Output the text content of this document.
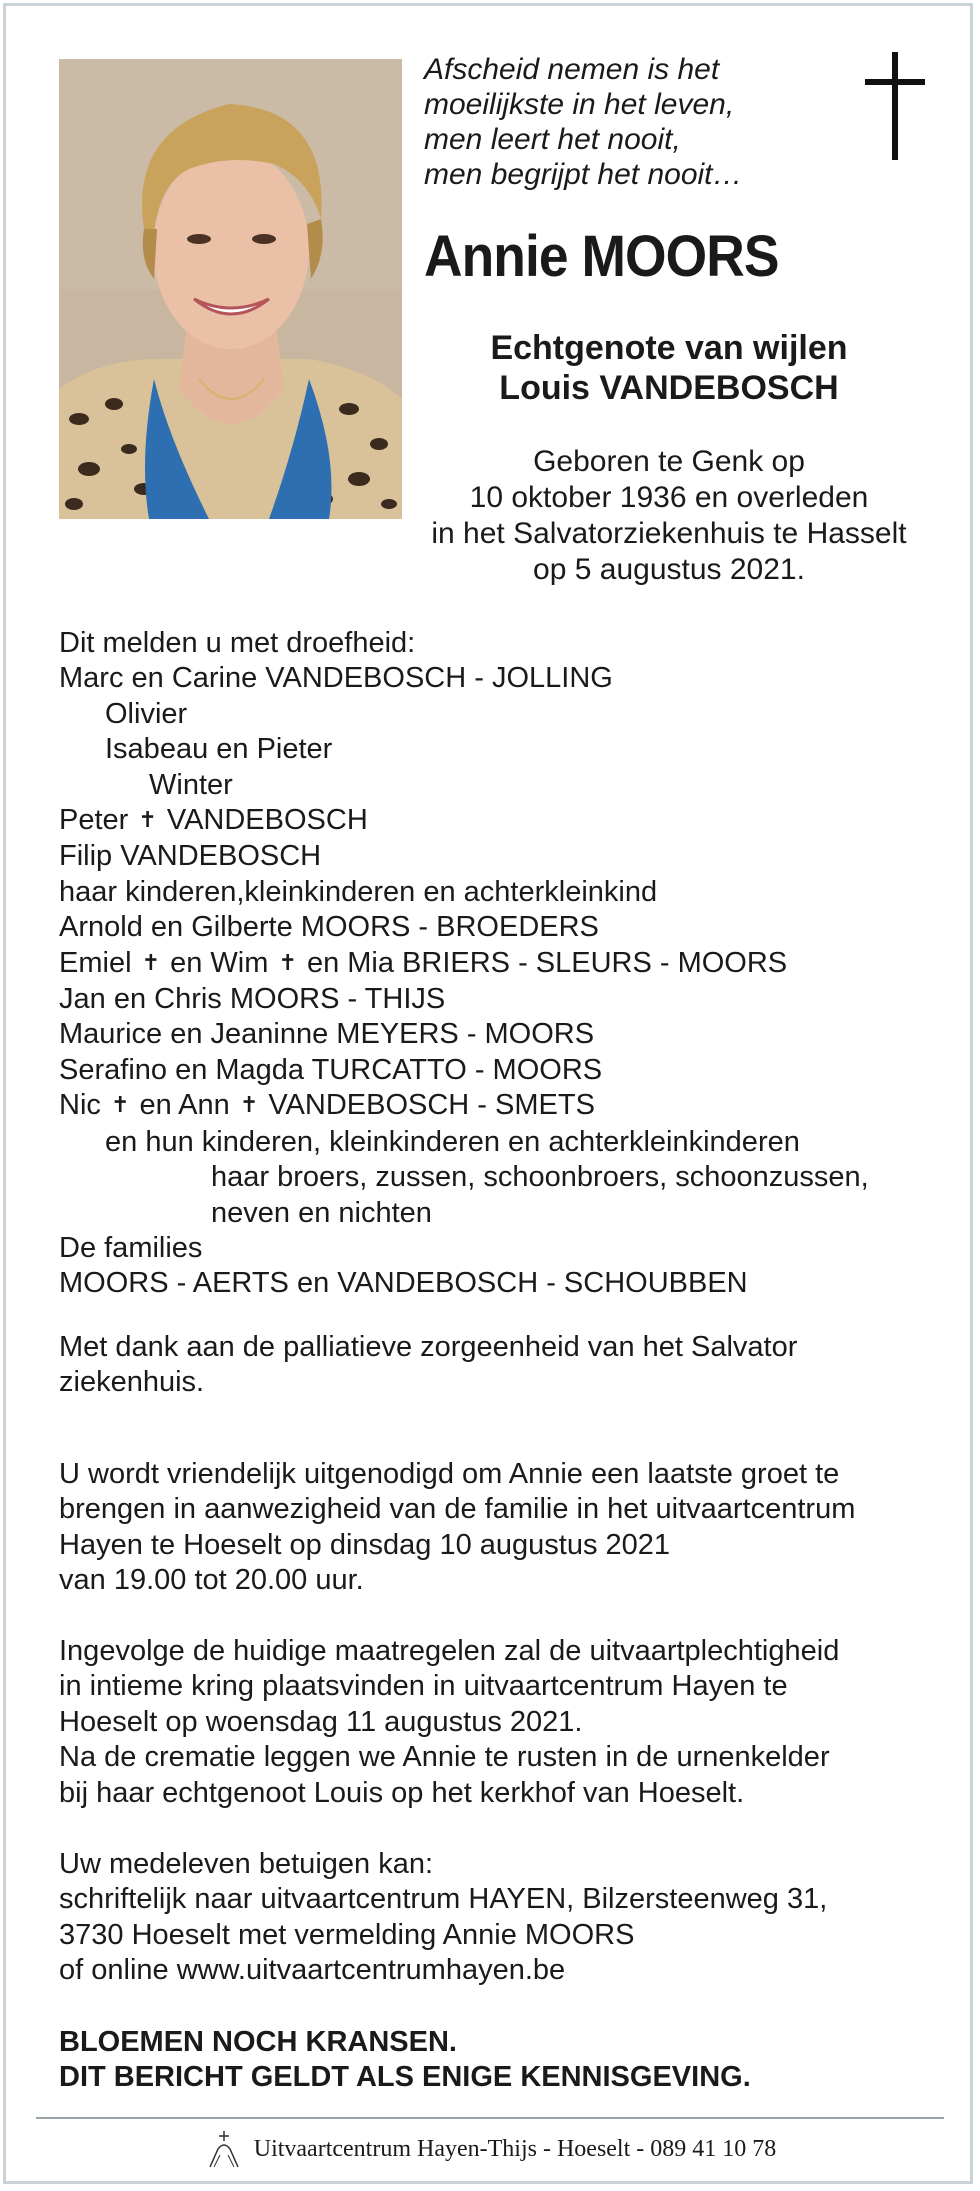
Afscheid nemen is het
moeilijkste in het leven,
men leert het nooit,
men begrijpt het nooit…
Annie MOORS
Echtgenote van wijlen
Louis VANDEBOSCH
Geboren te Genk op
10 oktober 1936 en overleden
in het Salvatorziekenhuis te Hasselt
op 5 augustus 2021.
Dit melden u met droefheid:
Marc en Carine VANDEBOSCH - JOLLING
Olivier
Isabeau en Pieter
Winter
Peter ✝ VANDEBOSCH
Filip VANDEBOSCH
haar kinderen,kleinkinderen en achterkleinkind
Arnold en Gilberte MOORS - BROEDERS
Emiel ✝ en Wim ✝ en Mia BRIERS - SLEURS - MOORS
Jan en Chris MOORS - THIJS
Maurice en Jeaninne MEYERS - MOORS
Serafino en Magda TURCATTO - MOORS
Nic ✝ en Ann ✝ VANDEBOSCH - SMETS
en hun kinderen, kleinkinderen en achterkleinkinderen
haar broers, zussen, schoonbroers, schoonzussen,
neven en nichten
De families
MOORS - AERTS en VANDEBOSCH - SCHOUBBEN
Met dank aan de palliatieve zorgeenheid van het Salvator
ziekenhuis.
U wordt vriendelijk uitgenodigd om Annie een laatste groet te
brengen in aanwezigheid van de familie in het uitvaartcentrum
Hayen te Hoeselt op dinsdag 10 augustus 2021
van 19.00 tot 20.00 uur.
Ingevolge de huidige maatregelen zal de uitvaartplechtigheid
in intieme kring plaatsvinden in uitvaartcentrum Hayen te
Hoeselt op woensdag 11 augustus 2021.
Na de crematie leggen we Annie te rusten in de urnenkelder
bij haar echtgenoot Louis op het kerkhof van Hoeselt.
Uw medeleven betuigen kan:
schriftelijk naar uitvaartcentrum HAYEN, Bilzersteenweg 31,
3730 Hoeselt met vermelding Annie MOORS
of online www.uitvaartcentrumhayen.be
BLOEMEN NOCH KRANSEN.
DIT BERICHT GELDT ALS ENIGE KENNISGEVING.
Uitvaartcentrum Hayen-Thijs - Hoeselt - 089 41 10 78
